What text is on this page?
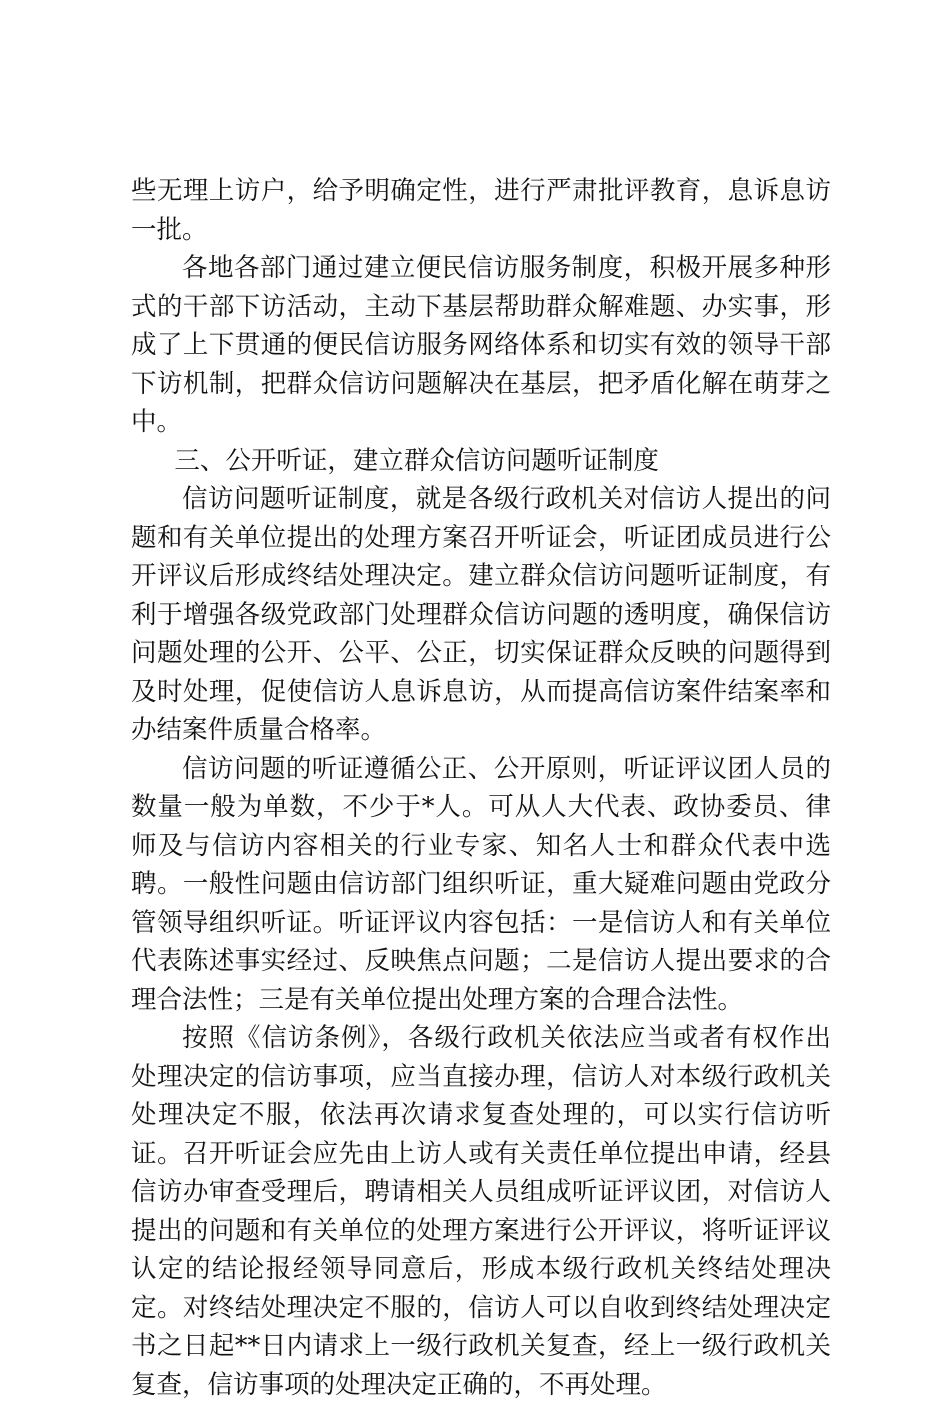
些无理上访户，给予明确定性，进行严肃批评教育，息诉息访一批。

各地各部门通过建立便民信访服务制度，积极开展多种形式的干部下访活动，主动下基层帮助群众解难题、办实事，形成了上下贯通的便民信访服务网络体系和切实有效的领导干部下访机制，把群众信访问题解决在基层，把矛盾化解在萌芽之中。

三、公开听证，建立群众信访问题听证制度

信访问题听证制度，就是各级行政机关对信访人提出的问题和有关单位提出的处理方案召开听证会，听证团成员进行公开评议后形成终结处理决定。建立群众信访问题听证制度，有利于增强各级党政部门处理群众信访问题的透明度，确保信访问题处理的公开、公平、公正，切实保证群众反映的问题得到及时处理，促使信访人息诉息访，从而提高信访案件结案率和办结案件质量合格率。

信访问题的听证遵循公正、公开原则，听证评议团人员的数量一般为单数，不少于*人。可从人大代表、政协委员、律师及与信访内容相关的行业专家、知名人士和群众代表中选聘。一般性问题由信访部门组织听证，重大疑难问题由党政分管领导组织听证。听证评议内容包括：一是信访人和有关单位代表陈述事实经过、反映焦点问题；二是信访人提出要求的合理合法性；三是有关单位提出处理方案的合理合法性。

按照《信访条例》，各级行政机关依法应当或者有权作出处理决定的信访事项，应当直接办理，信访人对本级行政机关处理决定不服，依法再次请求复查处理的，可以实行信访听证。召开听证会应先由上访人或有关责任单位提出申请，经县信访办审查受理后，聘请相关人员组成听证评议团，对信访人提出的问题和有关单位的处理方案进行公开评议，将听证评议认定的结论报经领导同意后，形成本级行政机关终结处理决定。对终结处理决定不服的，信访人可以自收到终结处理决定书之日起**日内请求上一级行政机关复查，经上一级行政机关复查，信访事项的处理决定正确的，不再处理。
